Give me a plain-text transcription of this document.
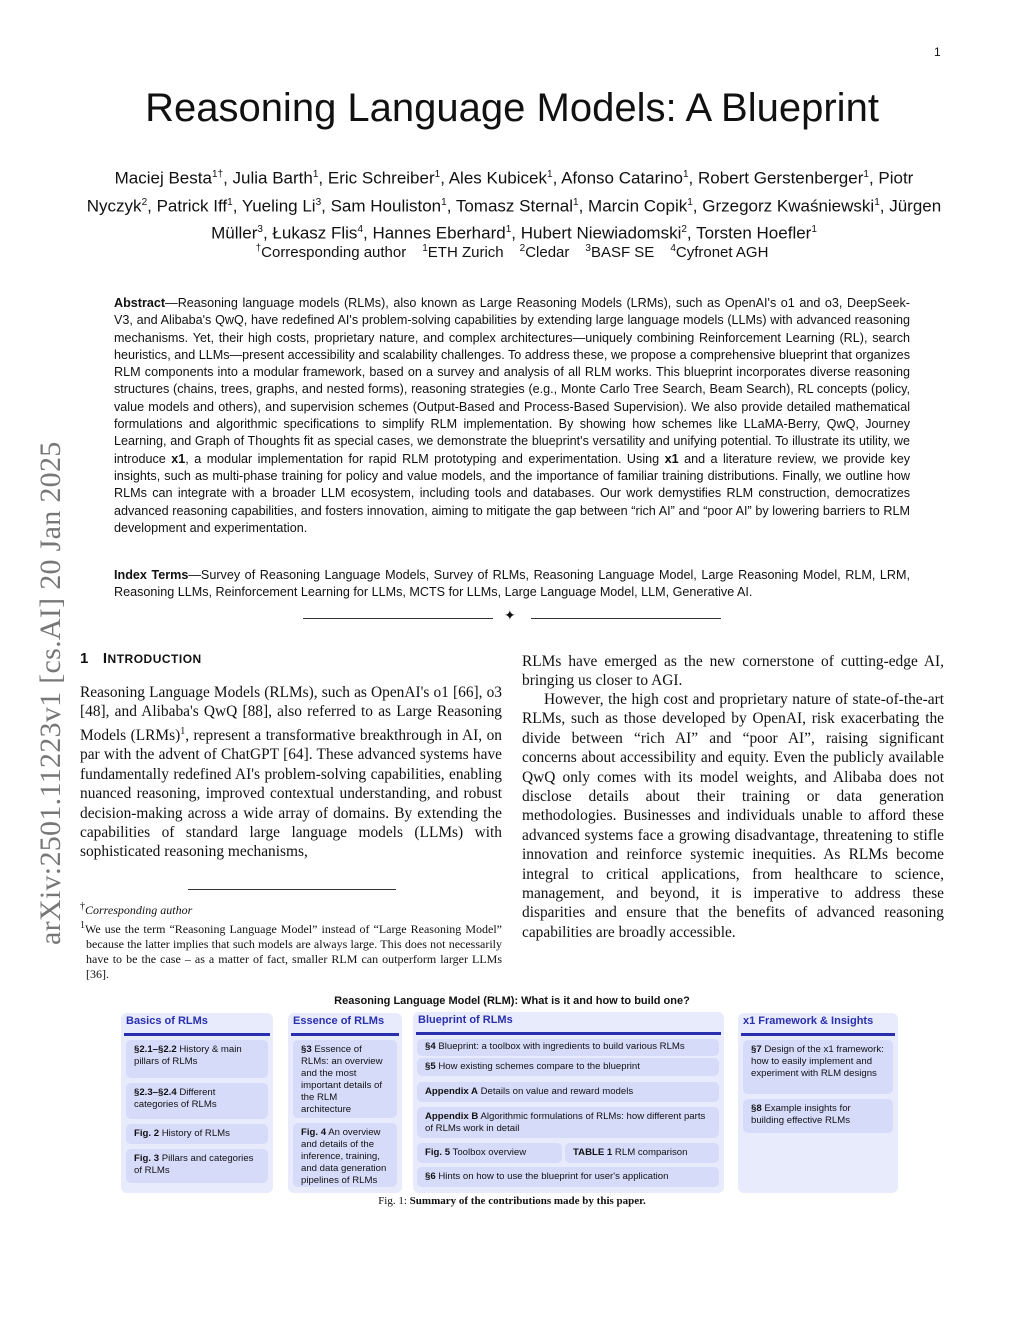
1
arXiv:2501.11223v1 [cs.AI] 20 Jan 2025
Reasoning Language Models: A Blueprint
Maciej Besta$^{1\dagger}$, Julia Barth$^1$, Eric Schreiber$^1$, Ales Kubicek$^1$, Afonso Catarino$^1$, Robert Gerstenberger$^1$, Piotr Nyczyk$^2$, Patrick Iff$^1$, Yueling Li$^3$, Sam Houliston$^1$, Tomasz Sternal$^1$, Marcin Copik$^1$, Grzegorz Kwaśniewski$^1$, Jürgen Müller$^3$, Łukasz Flis$^4$, Hannes Eberhard$^1$, Hubert Niewiadomski$^2$, Torsten Hoefler$^1$
†Corresponding author $^1$ETH Zurich $^2$Cledar $^3$BASF SE $^4$Cyfronet AGH
Abstract—Reasoning language models (RLMs), also known as Large Reasoning Models (LRMs), such as OpenAI's o1 and o3, DeepSeek-V3, and Alibaba's QwQ, have redefined AI's problem-solving capabilities by extending large language models (LLMs) with advanced reasoning mechanisms. Yet, their high costs, proprietary nature, and complex architectures—uniquely combining Reinforcement Learning (RL), search heuristics, and LLMs—present accessibility and scalability challenges. To address these, we propose a comprehensive blueprint that organizes RLM components into a modular framework, based on a survey and analysis of all RLM works. This blueprint incorporates diverse reasoning structures (chains, trees, graphs, and nested forms), reasoning strategies (e.g., Monte Carlo Tree Search, Beam Search), RL concepts (policy, value models and others), and supervision schemes (Output-Based and Process-Based Supervision). We also provide detailed mathematical formulations and algorithmic specifications to simplify RLM implementation. By showing how schemes like LLaMA-Berry, QwQ, Journey Learning, and Graph of Thoughts fit as special cases, we demonstrate the blueprint's versatility and unifying potential. To illustrate its utility, we introduce x1, a modular implementation for rapid RLM prototyping and experimentation. Using x1 and a literature review, we provide key insights, such as multi-phase training for policy and value models, and the importance of familiar training distributions. Finally, we outline how RLMs can integrate with a broader LLM ecosystem, including tools and databases. Our work demystifies RLM construction, democratizes advanced reasoning capabilities, and fosters innovation, aiming to mitigate the gap between “rich AI” and “poor AI” by lowering barriers to RLM development and experimentation.
Index Terms—Survey of Reasoning Language Models, Survey of RLMs, Reasoning Language Model, Large Reasoning Model, RLM, LRM, Reasoning LLMs, Reinforcement Learning for LLMs, MCTS for LLMs, Large Language Model, LLM, Generative AI.
✦
1 INTRODUCTION
Reasoning Language Models (RLMs), such as OpenAI's o1 [66], o3 [48], and Alibaba's QwQ [88], also referred to as Large Reasoning Models (LRMs)$^1$, represent a transformative breakthrough in AI, on par with the advent of ChatGPT [64]. These advanced systems have fundamentally redefined AI's problem-solving capabilities, enabling nuanced reasoning, improved contextual understanding, and robust decision-making across a wide array of domains. By extending the capabilities of standard large language models (LLMs) with sophisticated reasoning mechanisms,
†Corresponding author
$^1$We use the term “Reasoning Language Model” instead of “Large Reasoning Model” because the latter implies that such models are always large. This does not necessarily have to be the case – as a matter of fact, smaller RLM can outperform larger LLMs [36].
RLMs have emerged as the new cornerstone of cutting-edge AI, bringing us closer to AGI.
However, the high cost and proprietary nature of state-of-the-art RLMs, such as those developed by OpenAI, risk exacerbating the divide between “rich AI” and “poor AI”, raising significant concerns about accessibility and equity. Even the publicly available QwQ only comes with its model weights, and Alibaba does not disclose details about their training or data generation methodologies. Businesses and individuals unable to afford these advanced systems face a growing disadvantage, threatening to stifle innovation and reinforce systemic inequities. As RLMs become integral to critical applications, from healthcare to science, management, and beyond, it is imperative to address these disparities and ensure that the benefits of advanced reasoning capabilities are broadly accessible.
Reasoning Language Model (RLM): What is it and how to build one?
Basics of RLMs
§2.1–§2.2 History & main pillars of RLMs
§2.3–§2.4 Different categories of RLMs
Fig. 2 History of RLMs
Fig. 3 Pillars and categories of RLMs
Essence of RLMs
§3 Essence of RLMs: an overview and the most important details of the RLM architecture
Fig. 4 An overview and details of the inference, training, and data generation pipelines of RLMs
Blueprint of RLMs
§4 Blueprint: a toolbox with ingredients to build various RLMs
§5 How existing schemes compare to the blueprint
Appendix A Details on value and reward models
Appendix B Algorithmic formulations of RLMs: how different parts of RLMs work in detail
Fig. 5 Toolbox overview	TABLE 1 RLM comparison
§6 Hints on how to use the blueprint for user's application
x1 Framework & Insights
§7 Design of the x1 framework: how to easily implement and experiment with RLM designs
§8 Example insights for building effective RLMs
Fig. 1: Summary of the contributions made by this paper.
